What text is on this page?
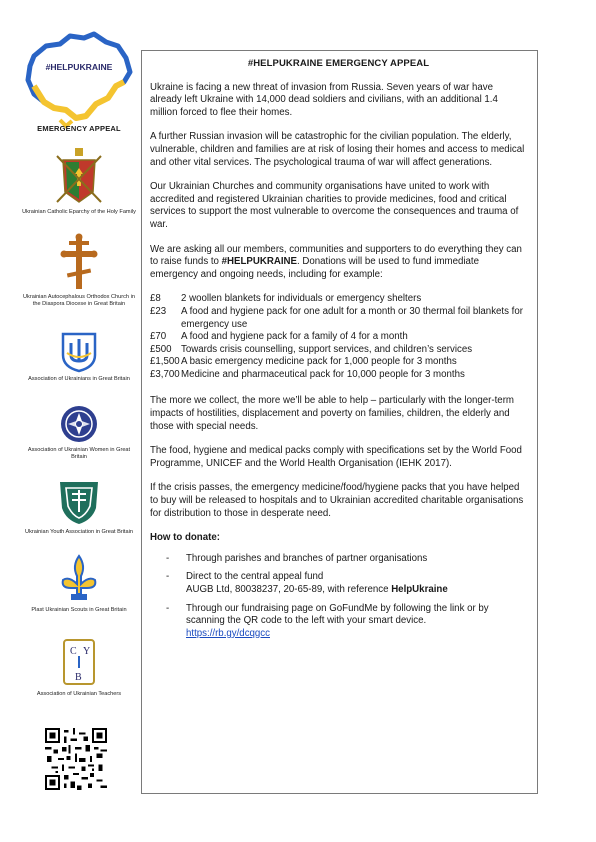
#HELPUKRAINE
EMERGENCY APPEAL
Ukrainian Catholic Eparchy of the Holy Family
Ukrainian Autocephalous Orthodox Church in the Diaspora Diocese in Great Britain
Association of Ukrainians in Great Britain
Association of Ukrainian Women in Great Britain
Ukrainian Youth Association in Great Britain
Plast Ukrainian Scouts in Great Britain
C Y
B
Association of Ukrainian Teachers
#HELPUKRAINE EMERGENCY APPEAL

Ukraine is facing a new threat of invasion from Russia. Seven years of war have already left Ukraine with 14,000 dead soldiers and civilians, with an additional 1.4 million forced to flee their homes.

A further Russian invasion will be catastrophic for the civilian population. The elderly, vulnerable, children and families are at risk of losing their homes and access to medical and other vital services. The psychological trauma of war will affect generations.

Our Ukrainian Churches and community organisations have united to work with accredited and registered Ukrainian charities to provide medicines, food and critical services to support the most vulnerable to overcome the consequences and trauma of war.

We are asking all our members, communities and supporters to do everything they can to raise funds to #HELPUKRAINE. Donations will be used to fund immediate emergency and ongoing needs, including for example:

£8	2 woollen blankets for individuals or emergency shelters
£23	A food and hygiene pack for one adult for a month or 30 thermal foil blankets for emergency use
£70	A food and hygiene pack for a family of 4 for a month
£500 Towards crisis counselling, support services, and children’s services
£1,500 A basic emergency medicine pack for 1,000 people for 3 months
£3,700 Medicine and pharmaceutical pack for 10,000 people for 3 months

The more we collect, the more we’ll be able to help – particularly with the longer-term impacts of hostilities, displacement and poverty on families, children, the elderly and those with special needs.

The food, hygiene and medical packs comply with specifications set by the World Food Programme, UNICEF and the World Health Organisation (IEHK 2017).

If the crisis passes, the emergency medicine/food/hygiene packs that you have helped to buy will be released to hospitals and to Ukrainian accredited charitable organisations for distribution to those in desperate need.

How to donate:
-	Through parishes and branches of partner organisations
-	Direct to the central appeal fund
AUGB Ltd, 80038237, 20-65-89, with reference HelpUkraine
-	Through our fundraising page on GoFundMe by following the link or by scanning the QR code to the left with your smart device.
https://rb.gy/dcqgcc
